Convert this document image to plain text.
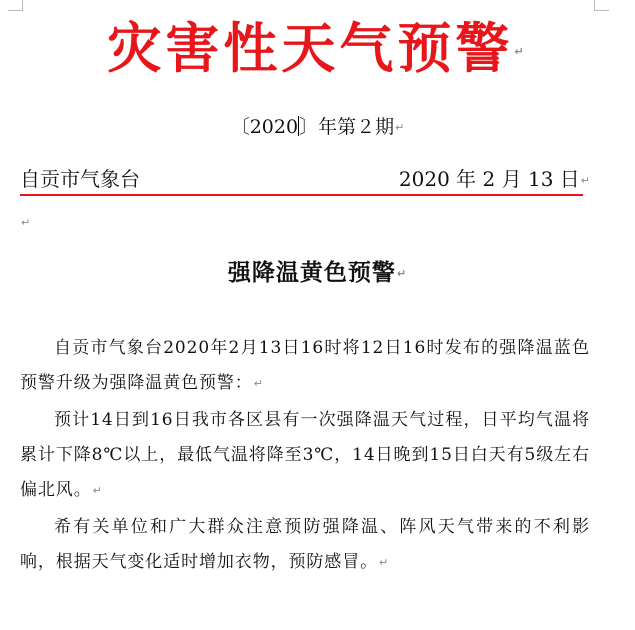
灾害性天气预警↵
〔2020〕年第２期↵
自贡市气象台	2020 年 2 月 13 日↵
↵
强降温黄色预警↵

自贡市气象台2020年2月13日16时将12日16时发布的强降温蓝色预警升级为强降温黄色预警：↵

预计14日到16日我市各区县有一次强降温天气过程，日平均气温将累计下降8℃以上，最低气温将降至3℃，14日晚到15日白天有5级左右偏北风。↵

希有关单位和广大群众注意预防强降温、阵风天气带来的不利影响，根据天气变化适时增加衣物，预防感冒。↵
